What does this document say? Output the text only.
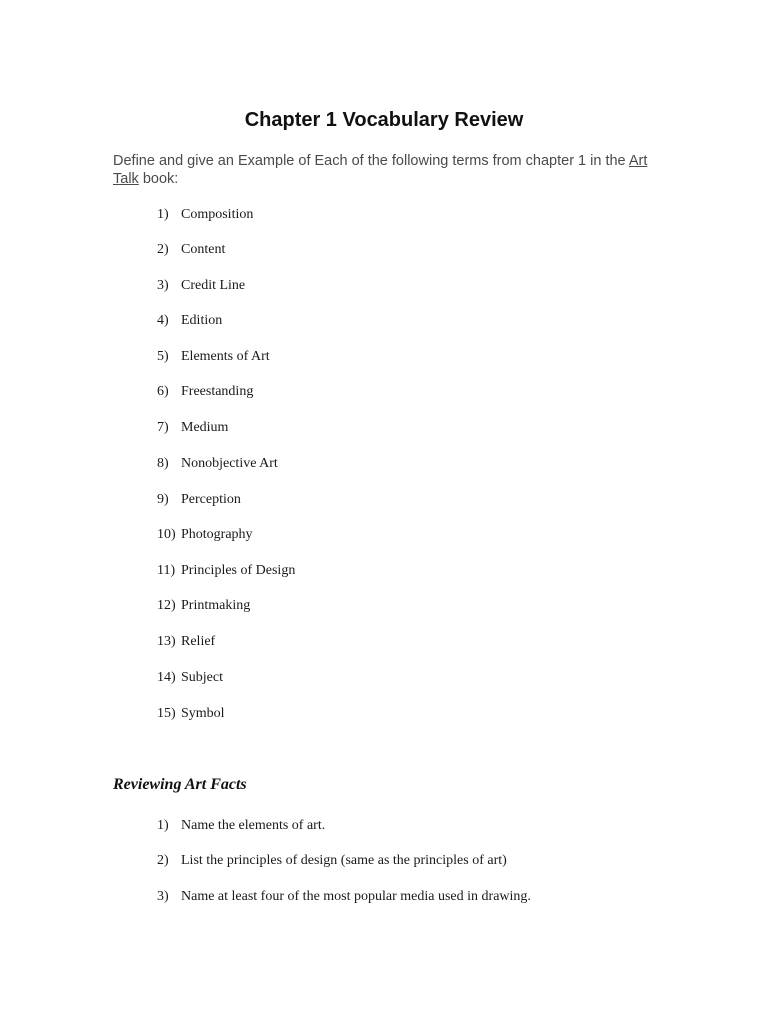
Chapter 1 Vocabulary Review

Define and give an Example of Each of the following terms from chapter 1 in the Art Talk book:

1) Composition
2) Content
3) Credit Line
4) Edition
5) Elements of Art
6) Freestanding
7) Medium
8) Nonobjective Art
9) Perception
10) Photography
11) Principles of Design
12) Printmaking
13) Relief
14) Subject
15) Symbol
Reviewing Art Facts
1) Name the elements of art.
2) List the principles of design (same as the principles of art)
3) Name at least four of the most popular media used in drawing.
